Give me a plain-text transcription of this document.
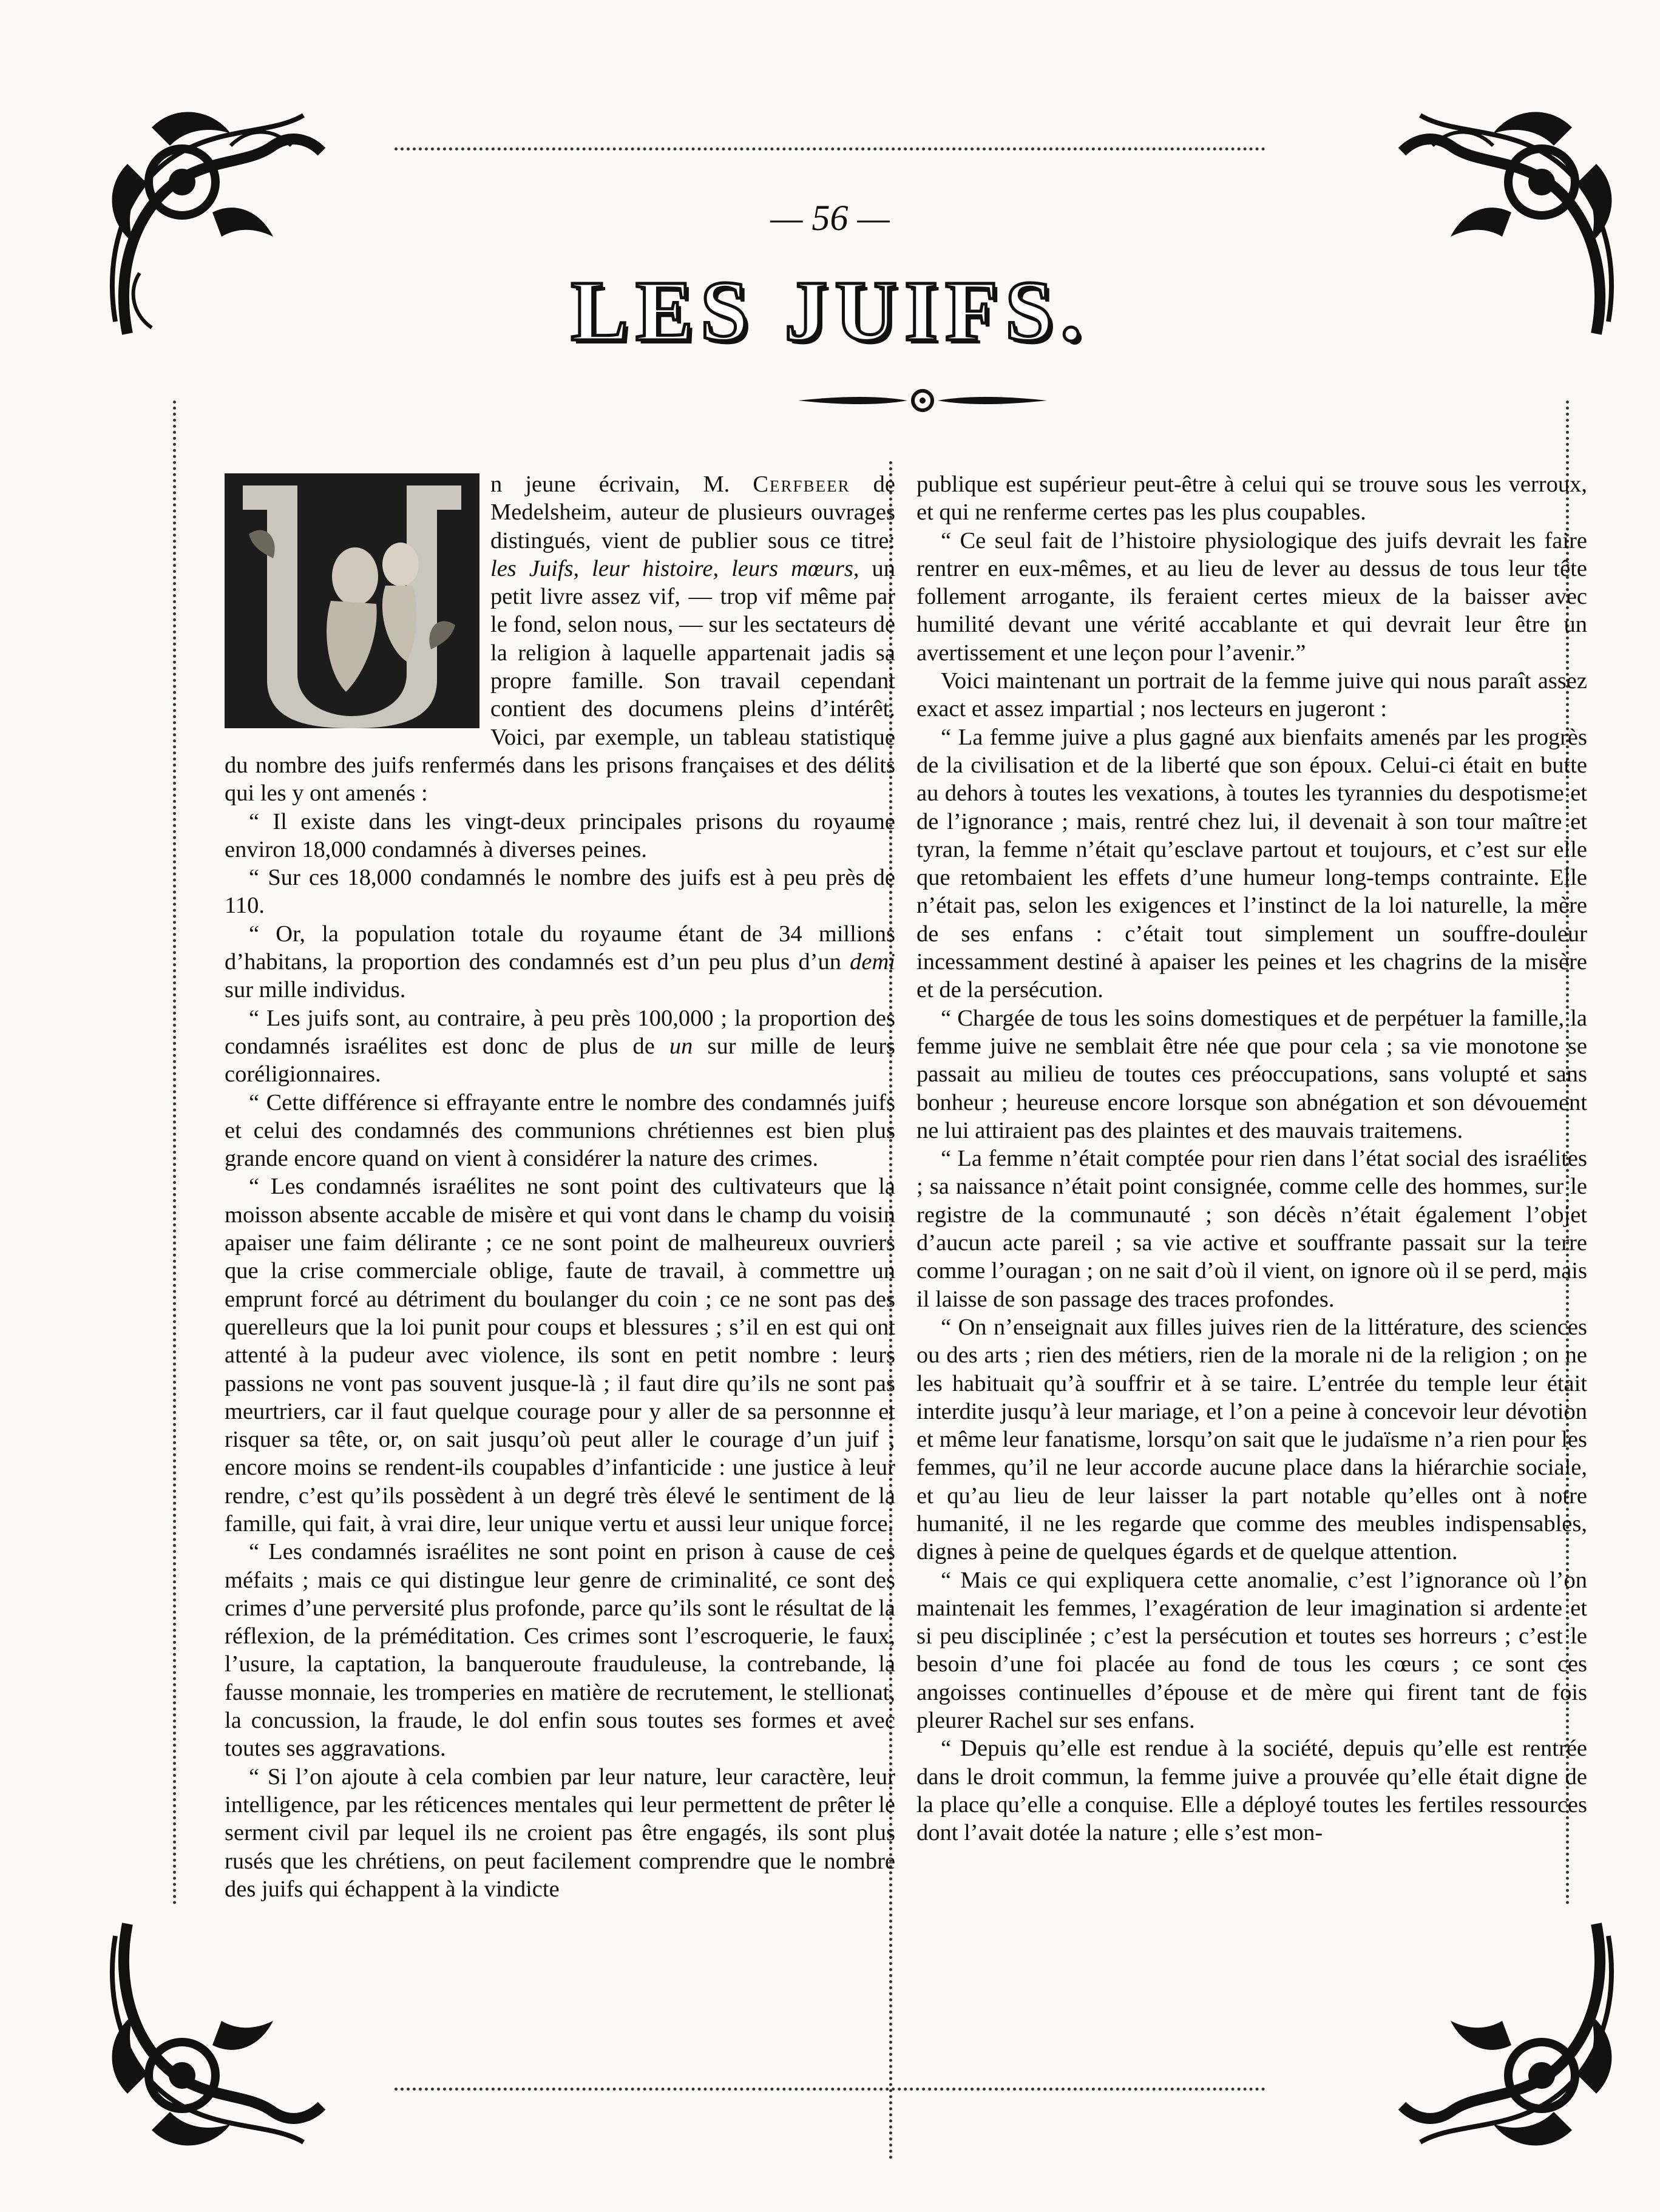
— 56 —
LES JUIFS.

n jeune écrivain, M. Cerfbeer de Medelsheim, auteur de plusieurs ouvrages distingués, vient de publier sous ce titre: les Juifs, leur histoire, leurs mœurs, un petit livre assez vif, — trop vif même par le fond, selon nous, — sur les sectateurs de la religion à laquelle appartenait jadis sa propre famille. Son travail cependant contient des documens pleins d’intérêt. Voici, par exemple, un tableau statistique du nombre des juifs renfermés dans les prisons françaises et des délits qui les y ont amenés :

“ Il existe dans les vingt-deux principales prisons du royaume environ 18,000 condamnés à diverses peines.

“ Sur ces 18,000 condamnés le nombre des juifs est à peu près de 110.

“ Or, la population totale du royaume étant de 34 millions d’habitans, la proportion des condamnés est d’un peu plus d’un demi sur mille individus.

“ Les juifs sont, au contraire, à peu près 100,000 ; la proportion des condamnés israélites est donc de plus de un sur mille de leurs coréligionnaires.

“ Cette différence si effrayante entre le nombre des condamnés juifs et celui des condamnés des communions chrétiennes est bien plus grande encore quand on vient à considérer la nature des crimes.

“ Les condamnés israélites ne sont point des cultivateurs que la moisson absente accable de misère et qui vont dans le champ du voisin apaiser une faim délirante ; ce ne sont point de malheureux ouvriers que la crise commerciale oblige, faute de travail, à commettre un emprunt forcé au détriment du boulanger du coin ; ce ne sont pas des querelleurs que la loi punit pour coups et blessures ; s’il en est qui ont attenté à la pudeur avec violence, ils sont en petit nombre : leurs passions ne vont pas souvent jusque-là ; il faut dire qu’ils ne sont pas meurtriers, car il faut quelque courage pour y aller de sa personnne et risquer sa tête, or, on sait jusqu’où peut aller le courage d’un juif ; encore moins se rendent-ils coupables d’infanticide : une justice à leur rendre, c’est qu’ils possèdent à un degré très élevé le sentiment de la famille, qui fait, à vrai dire, leur unique vertu et aussi leur unique force.

“ Les condamnés israélites ne sont point en prison à cause de ces méfaits ; mais ce qui distingue leur genre de criminalité, ce sont des crimes d’une perversité plus profonde, parce qu’ils sont le résultat de la réflexion, de la préméditation. Ces crimes sont l’escroquerie, le faux, l’usure, la captation, la banqueroute frauduleuse, la contrebande, la fausse monnaie, les tromperies en matière de recrutement, le stellionat, la concussion, la fraude, le dol enfin sous toutes ses formes et avec toutes ses aggravations.

“ Si l’on ajoute à cela combien par leur nature, leur caractère, leur intelligence, par les réticences mentales qui leur permettent de prêter le serment civil par lequel ils ne croient pas être engagés, ils sont plus rusés que les chrétiens, on peut facilement comprendre que le nombre des juifs qui échappent à la vindicte

publique est supérieur peut-être à celui qui se trouve sous les verroux, et qui ne renferme certes pas les plus coupables.

“ Ce seul fait de l’histoire physiologique des juifs devrait les faire rentrer en eux-mêmes, et au lieu de lever au dessus de tous leur tête follement arrogante, ils feraient certes mieux de la baisser avec humilité devant une vérité accablante et qui devrait leur être un avertissement et une leçon pour l’avenir.”

Voici maintenant un portrait de la femme juive qui nous paraît assez exact et assez impartial ; nos lecteurs en jugeront :

“ La femme juive a plus gagné aux bienfaits amenés par les progrès de la civilisation et de la liberté que son époux. Celui-ci était en butte au dehors à toutes les vexations, à toutes les tyrannies du despotisme et de l’ignorance ; mais, rentré chez lui, il devenait à son tour maître et tyran, la femme n’était qu’esclave partout et toujours, et c’est sur elle que retombaient les effets d’une humeur long-temps contrainte. Elle n’était pas, selon les exigences et l’instinct de la loi naturelle, la mère de ses enfans : c’était tout simplement un souffre-douleur incessamment destiné à apaiser les peines et les chagrins de la misère et de la persécution.

“ Chargée de tous les soins domestiques et de perpétuer la famille, la femme juive ne semblait être née que pour cela ; sa vie monotone se passait au milieu de toutes ces préoccupations, sans volupté et sans bonheur ; heureuse encore lorsque son abnégation et son dévouement ne lui attiraient pas des plaintes et des mauvais traitemens.

“ La femme n’était comptée pour rien dans l’état social des israélites ; sa naissance n’était point consignée, comme celle des hommes, sur le registre de la communauté ; son décès n’était également l’objet d’aucun acte pareil ; sa vie active et souffrante passait sur la terre comme l’ouragan ; on ne sait d’où il vient, on ignore où il se perd, mais il laisse de son passage des traces profondes.

“ On n’enseignait aux filles juives rien de la littérature, des sciences ou des arts ; rien des métiers, rien de la morale ni de la religion ; on ne les habituait qu’à souffrir et à se taire. L’entrée du temple leur était interdite jusqu’à leur mariage, et l’on a peine à concevoir leur dévotion et même leur fanatisme, lorsqu’on sait que le judaïsme n’a rien pour les femmes, qu’il ne leur accorde aucune place dans la hiérarchie sociale, et qu’au lieu de leur laisser la part notable qu’elles ont à notre humanité, il ne les regarde que comme des meubles indispensables, dignes à peine de quelques égards et de quelque attention.

“ Mais ce qui expliquera cette anomalie, c’est l’ignorance où l’on maintenait les femmes, l’exagération de leur imagination si ardente et si peu disciplinée ; c’est la persécution et toutes ses horreurs ; c’est le besoin d’une foi placée au fond de tous les cœurs ; ce sont ces angoisses continuelles d’épouse et de mère qui firent tant de fois pleurer Rachel sur ses enfans.

“ Depuis qu’elle est rendue à la société, depuis qu’elle est rentrée dans le droit commun, la femme juive a prouvée qu’elle était digne de la place qu’elle a conquise. Elle a déployé toutes les fertiles ressources dont l’avait dotée la nature ; elle s’est mon-
